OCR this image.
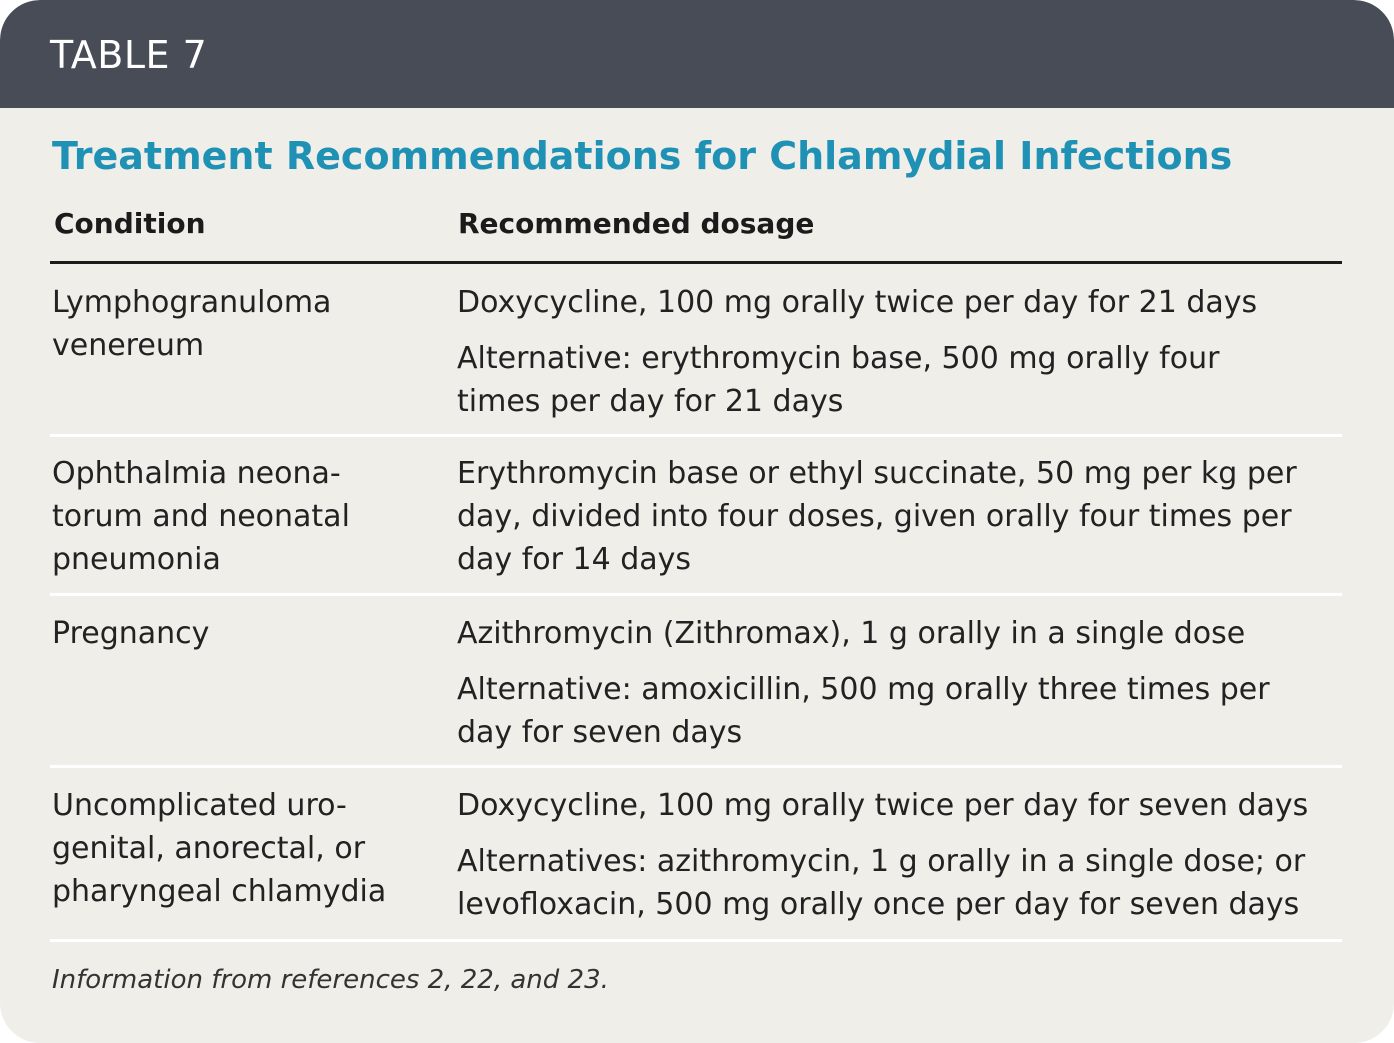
TABLE 7
Treatment Recommendations for Chlamydial Infections
Condition	Recommended dosage
Lymphogranuloma
venereum
Doxycycline, 100 mg orally twice per day for 21 days
Alternative: erythromycin base, 500 mg orally four
times per day for 21 days
Ophthalmia neona-
torum and neonatal
pneumonia
Erythromycin base or ethyl succinate, 50 mg per kg per
day, divided into four doses, given orally four times per
day for 14 days
Pregnancy	Azithromycin (Zithromax), 1 g orally in a single dose
Alternative: amoxicillin, 500 mg orally three times per
day for seven days
Uncomplicated uro-
genital, anorectal, or
pharyngeal chlamydia
Doxycycline, 100 mg orally twice per day for seven days
Alternatives: azithromycin, 1 g orally in a single dose; or
levofloxacin, 500 mg orally once per day for seven days
Information from references 2, 22, and 23.
